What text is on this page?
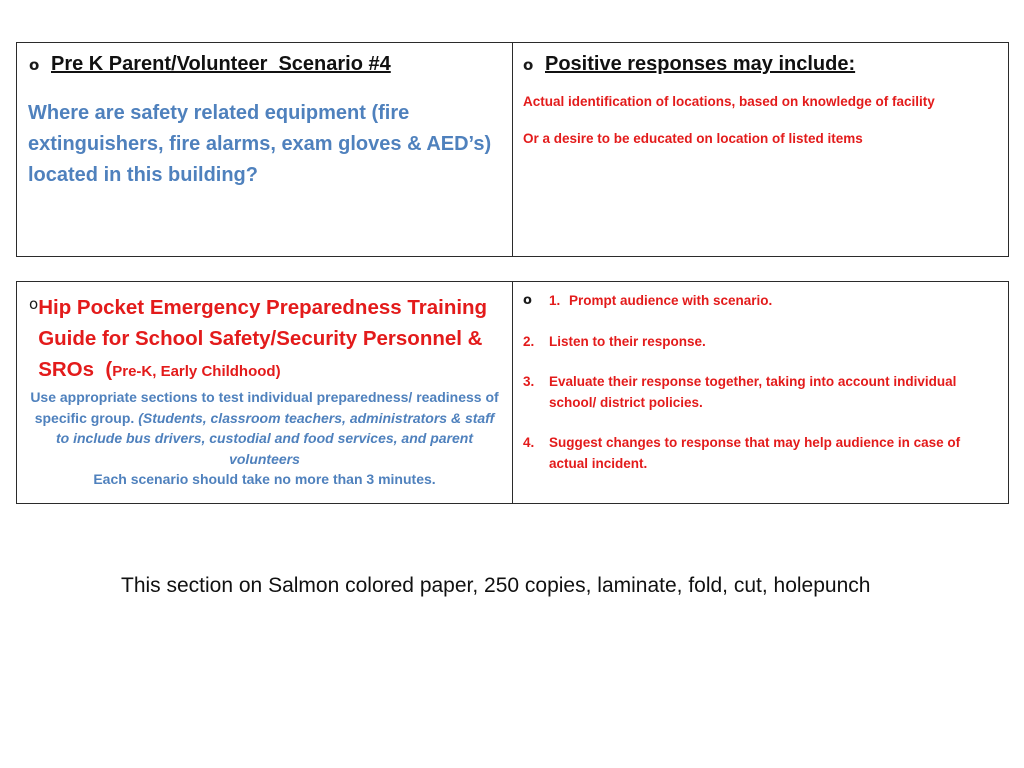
o Pre K Parent/Volunteer  Scenario #4
Where are safety related equipment (fire extinguishers, fire alarms, exam gloves & AED’s) located in this building?

o Positive responses may include:
Actual identification of locations, based on knowledge of facility
Or a desire to be educated on location of listed items
o Hip Pocket Emergency Preparedness Training Guide for School Safety/Security Personnel & SROs  (Pre-K, Early Childhood)
Use appropriate sections to test individual preparedness/ readiness of specific group. (Students, classroom teachers, administrators & staff to include bus drivers, custodial and food services, and parent volunteers
Each scenario should take no more than 3 minutes.

o	1. Prompt audience with scenario.
2.	Listen to their response.
3.	Evaluate their response together, taking into account individual school/ district policies.
4.	Suggest changes to response that may help audience in case of actual incident.
This section on Salmon colored paper, 250 copies, laminate, fold, cut, holepunch
